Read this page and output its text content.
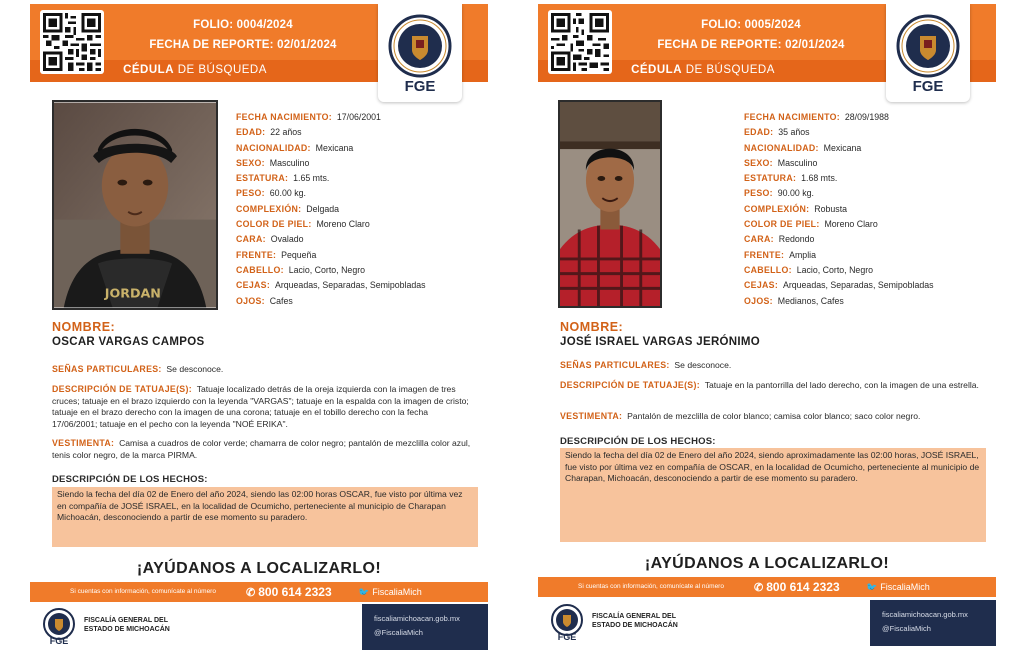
FOLIO: 0004/2024
FECHA DE REPORTE: 02/01/2024
CÉDULA DE BÚSQUEDA
FGE
JORDAN
FECHA NACIMIENTO: 17/06/2001
EDAD: 22 años
NACIONALIDAD: Mexicana
SEXO: Masculino
ESTATURA: 1.65 mts.
PESO: 60.00 kg.
COMPLEXIÓN: Delgada
COLOR DE PIEL: Moreno Claro
CARA: Ovalado
FRENTE: Pequeña
CABELLO: Lacio, Corto, Negro
CEJAS: Arqueadas, Separadas, Semipobladas
OJOS: Cafes
NOMBRE:
OSCAR VARGAS CAMPOS
SEÑAS PARTICULARES: Se desconoce.
DESCRIPCIÓN DE TATUAJE(S): Tatuaje localizado detrás de la oreja izquierda con la imagen de tres cruces; tatuaje en el brazo izquierdo con la leyenda "VARGAS"; tatuaje en la espalda con la imagen de cristo; tatuaje en el brazo derecho con la imagen de una corona; tatuaje en el tobillo derecho con la fecha 17/06/2001; tatuaje en el pecho con la leyenda "NOÉ ERIKA".
VESTIMENTA: Camisa a cuadros de color verde; chamarra de color negro; pantalón de mezclilla color azul, tenis color negro, de la marca PIRMA.
DESCRIPCIÓN DE LOS HECHOS:
Siendo la fecha del día 02 de Enero del año 2024, siendo las 02:00 horas OSCAR, fue visto por última vez en compañía de JOSÉ ISRAEL, en la localidad de Ocumicho, perteneciente al municipio de Charapan Michoacán, desconociendo a partir de ese momento su paradero.
¡AYÚDANOS A LOCALIZARLO!
Si cuentas con información, comunícate al número	✆ 800 614 2323	🐦 FiscaliaMich
FGE
FISCALÍA GENERAL DEL
ESTADO DE MICHOACÁN
fiscaliamichoacan.gob.mx
@FiscaliaMich
FOLIO: 0005/2024
FECHA DE REPORTE: 02/01/2024
CÉDULA DE BÚSQUEDA
FGE
FECHA NACIMIENTO: 28/09/1988
EDAD: 35 años
NACIONALIDAD: Mexicana
SEXO: Masculino
ESTATURA: 1.68 mts.
PESO: 90.00 kg.
COMPLEXIÓN: Robusta
COLOR DE PIEL: Moreno Claro
CARA: Redondo
FRENTE: Amplia
CABELLO: Lacio, Corto, Negro
CEJAS: Arqueadas, Separadas, Semipobladas
OJOS: Medianos, Cafes
NOMBRE:
JOSÉ ISRAEL VARGAS JERÓNIMO
SEÑAS PARTICULARES: Se desconoce.
DESCRIPCIÓN DE TATUAJE(S): Tatuaje en la pantorrilla del lado derecho, con la imagen de una estrella.
VESTIMENTA: Pantalón de mezclilla de color blanco; camisa color blanco; saco color negro.
DESCRIPCIÓN DE LOS HECHOS:
Siendo la fecha del día 02 de Enero del año 2024, siendo aproximadamente las 02:00 horas, JOSÉ ISRAEL, fue visto por última vez en compañía de OSCAR, en la localidad de Ocumicho, perteneciente al municipio de Charapan, Michoacán, desconociendo a partir de ese momento su paradero.
¡AYÚDANOS A LOCALIZARLO!
Si cuentas con información, comunícate al número	✆ 800 614 2323	🐦 FiscaliaMich
FGE
FISCALÍA GENERAL DEL
ESTADO DE MICHOACÁN
fiscaliamichoacan.gob.mx
@FiscaliaMich
